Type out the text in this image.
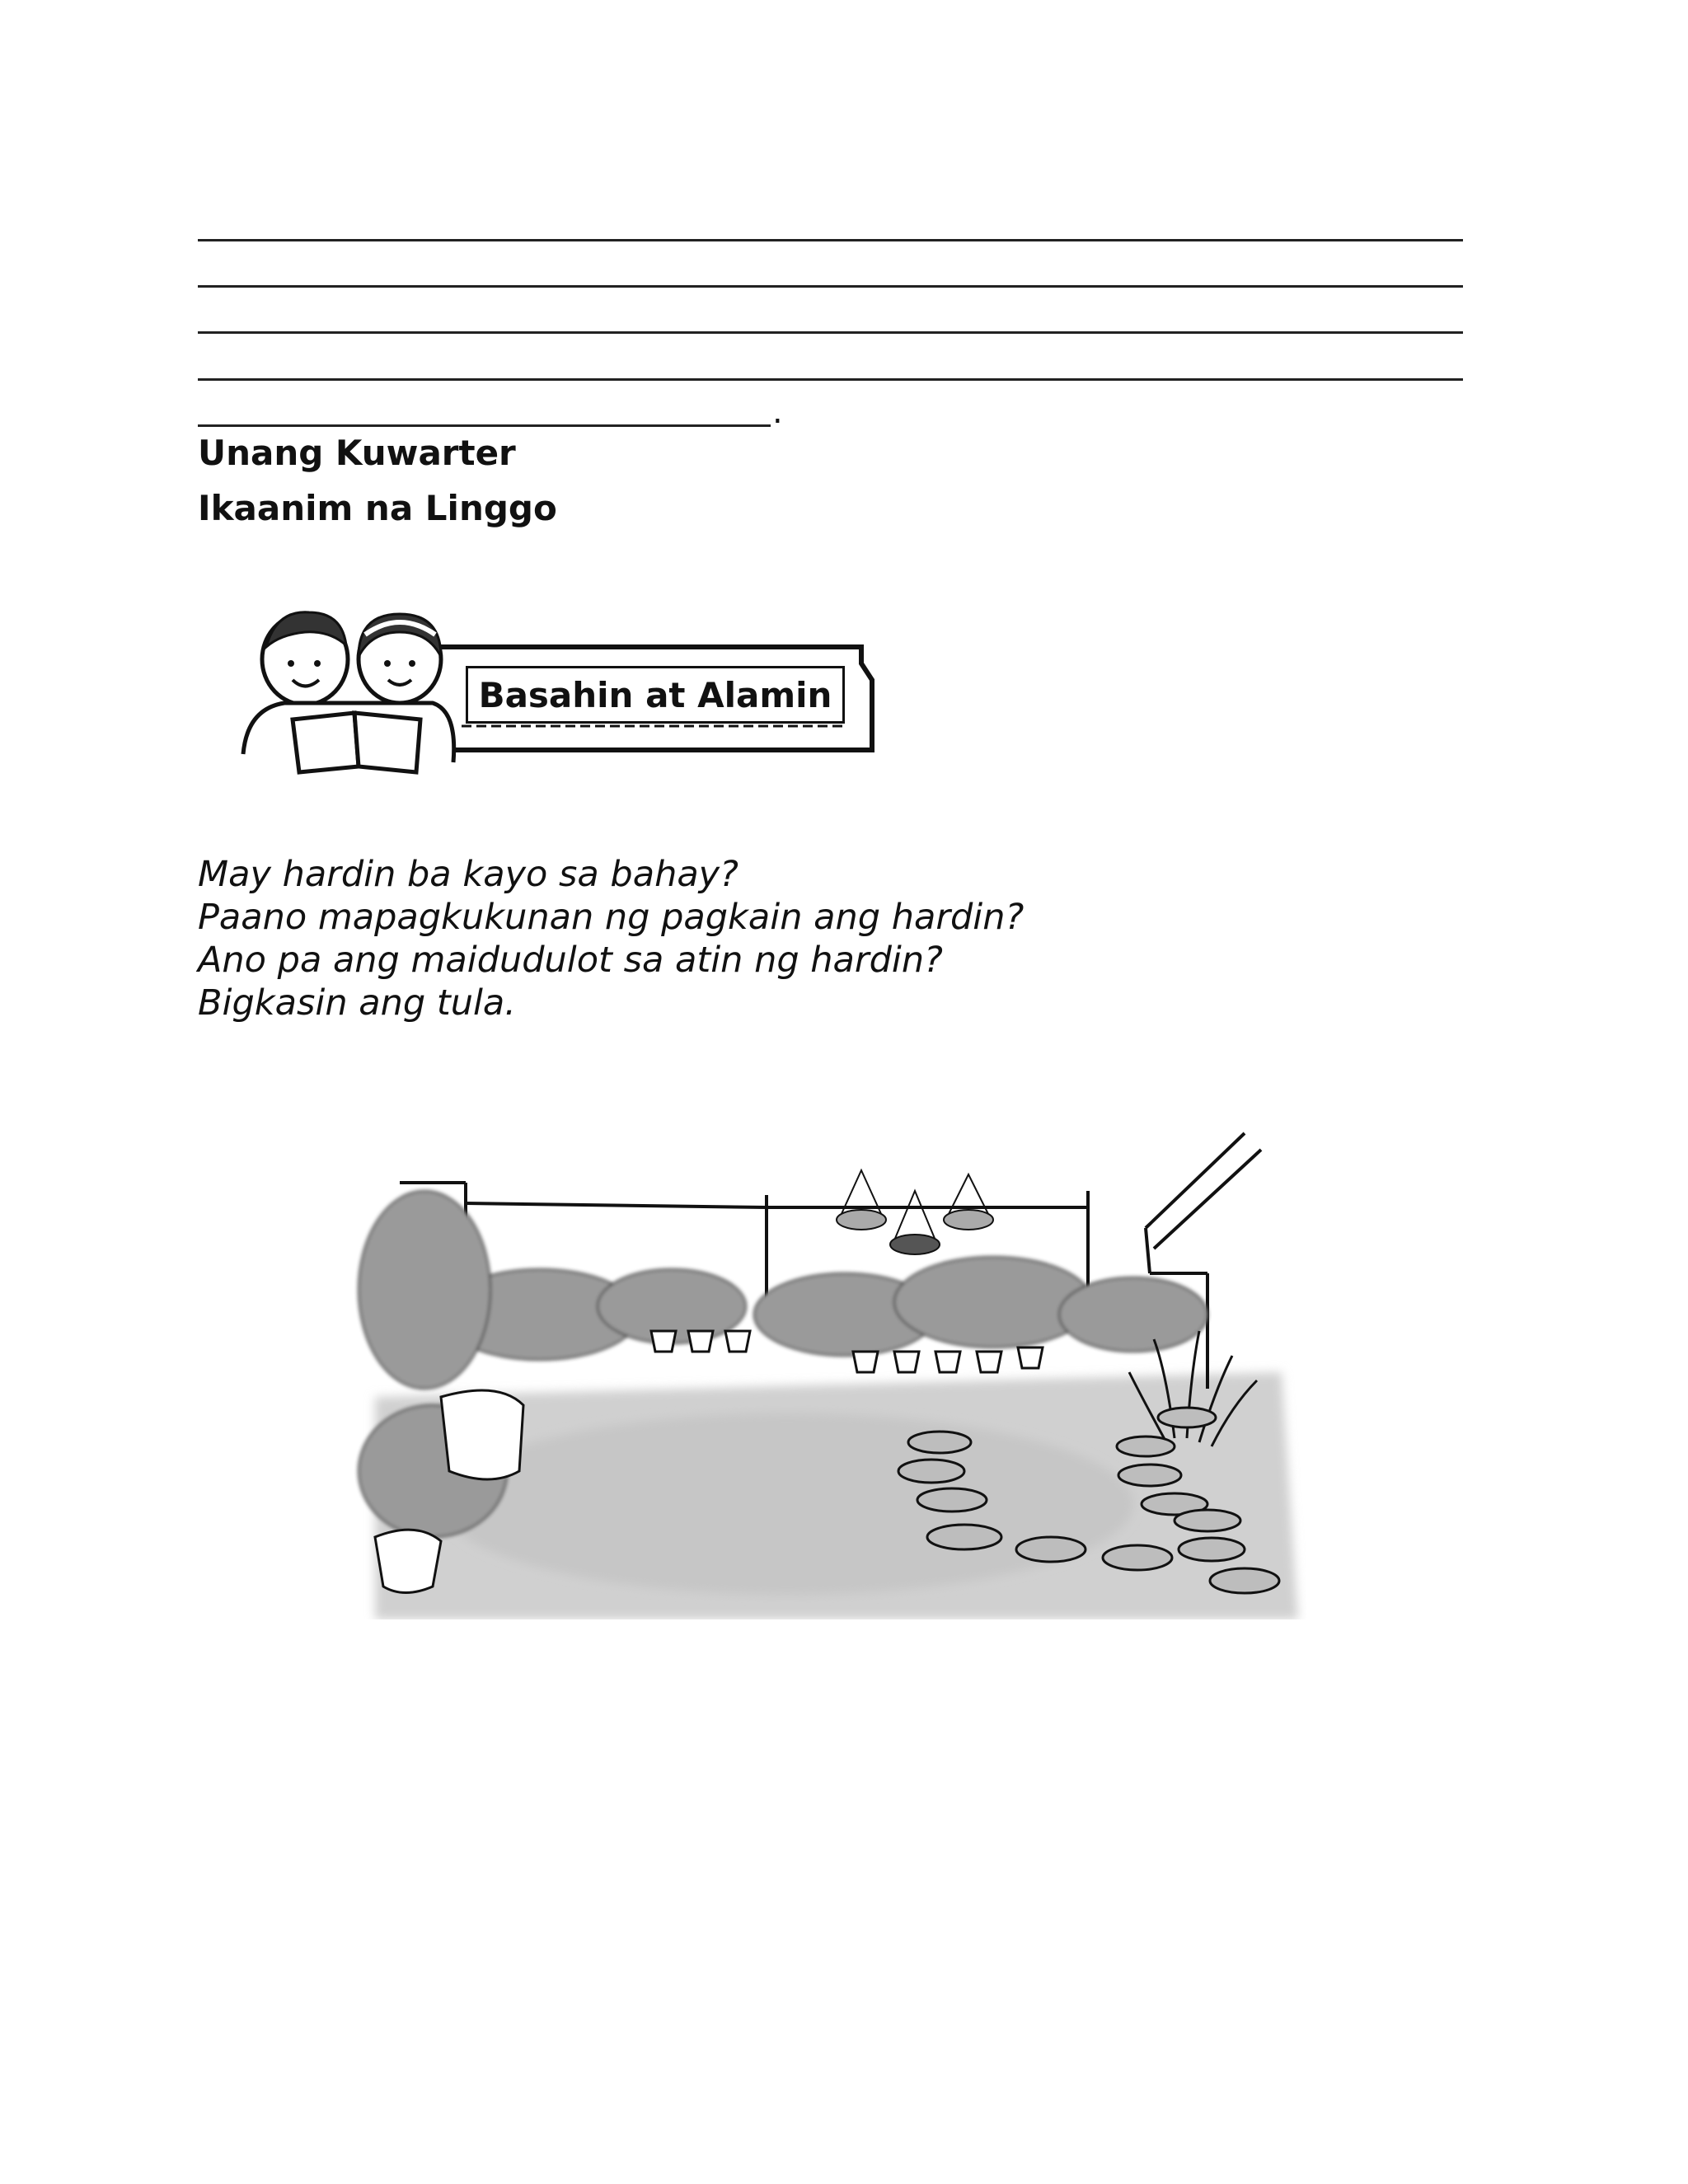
.
Unang Kuwarter
Ikaanim na Linggo
Basahin at Alamin

May hardin ba kayo sa bahay?

Paano mapagkukunan ng pagkain ang hardin?

Ano pa ang maidudulot sa atin ng hardin?

Bigkasin ang tula.
